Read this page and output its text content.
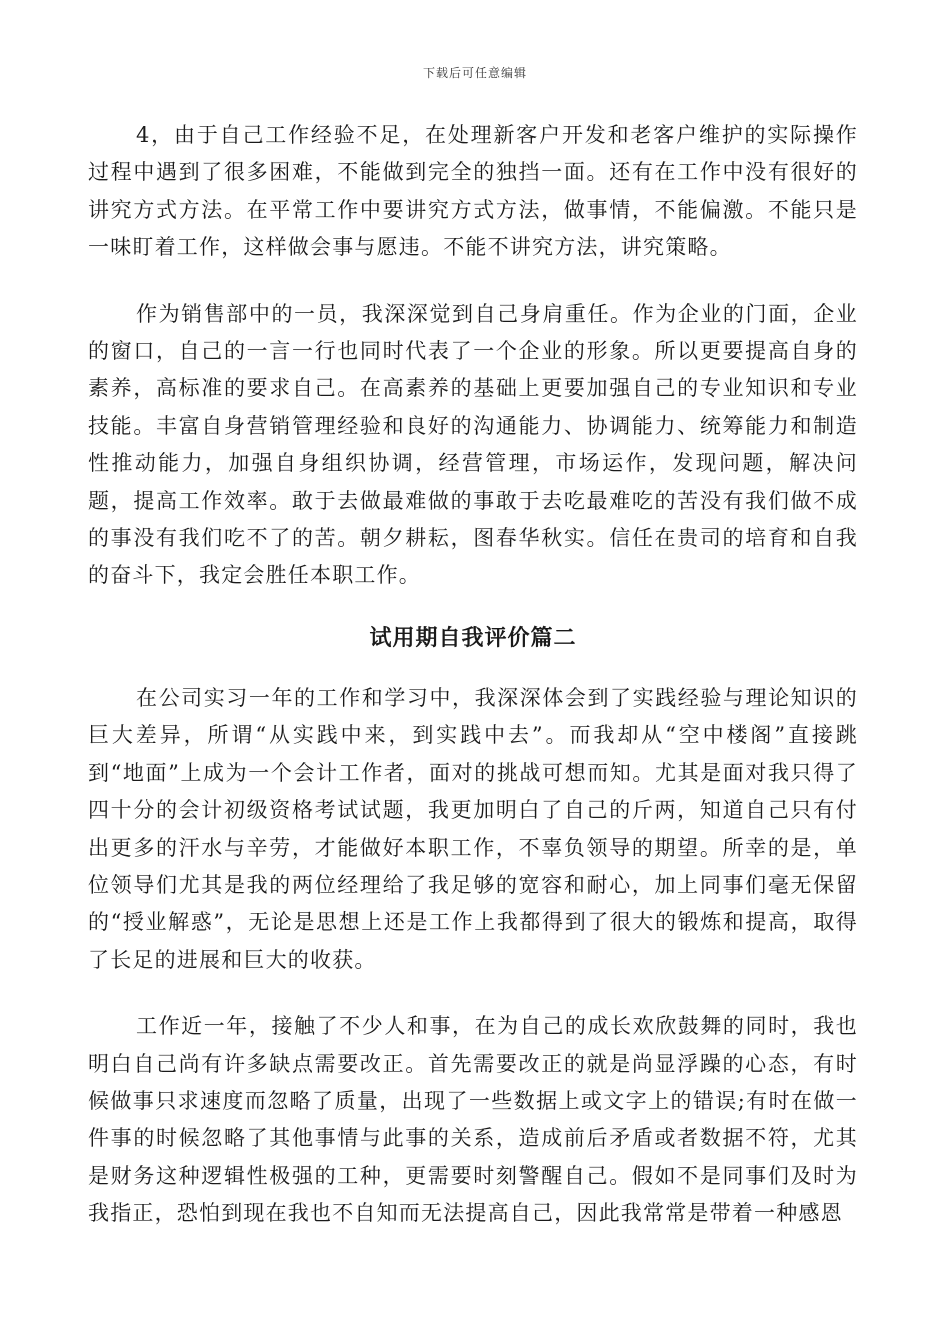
下载后可任意编辑

4，由于自己工作经验不足，在处理新客户开发和老客户维护的实际操作过程中遇到了很多困难，不能做到完全的独挡一面。还有在工作中没有很好的讲究方式方法。在平常工作中要讲究方式方法，做事情，不能偏激。不能只是一味盯着工作，这样做会事与愿违。不能不讲究方法，讲究策略。

作为销售部中的一员，我深深觉到自己身肩重任。作为企业的门面，企业的窗口，自己的一言一行也同时代表了一个企业的形象。所以更要提高自身的素养，高标准的要求自己。在高素养的基础上更要加强自己的专业知识和专业技能。丰富自身营销管理经验和良好的沟通能力、协调能力、统筹能力和制造性推动能力，加强自身组织协调，经营管理，市场运作，发现问题，解决问题，提高工作效率。敢于去做最难做的事敢于去吃最难吃的苦没有我们做不成的事没有我们吃不了的苦。朝夕耕耘，图春华秋实。信任在贵司的培育和自我的奋斗下，我定会胜任本职工作。

试用期自我评价篇二

在公司实习一年的工作和学习中，我深深体会到了实践经验与理论知识的巨大差异，所谓“从实践中来，到实践中去”。而我却从“空中楼阁”直接跳到“地面”上成为一个会计工作者，面对的挑战可想而知。尤其是面对我只得了四十分的会计初级资格考试试题，我更加明白了自己的斤两，知道自己只有付出更多的汗水与辛劳，才能做好本职工作，不辜负领导的期望。所幸的是，单位领导们尤其是我的两位经理给了我足够的宽容和耐心，加上同事们毫无保留的“授业解惑”，无论是思想上还是工作上我都得到了很大的锻炼和提高，取得了长足的进展和巨大的收获。

工作近一年，接触了不少人和事，在为自己的成长欢欣鼓舞的同时，我也明白自己尚有许多缺点需要改正。首先需要改正的就是尚显浮躁的心态，有时候做事只求速度而忽略了质量，出现了一些数据上或文字上的错误;有时在做一件事的时候忽略了其他事情与此事的关系，造成前后矛盾或者数据不符，尤其是财务这种逻辑性极强的工种，更需要时刻警醒自己。假如不是同事们及时为我指正，恐怕到现在我也不自知而无法提高自己，因此我常常是带着一种感恩
